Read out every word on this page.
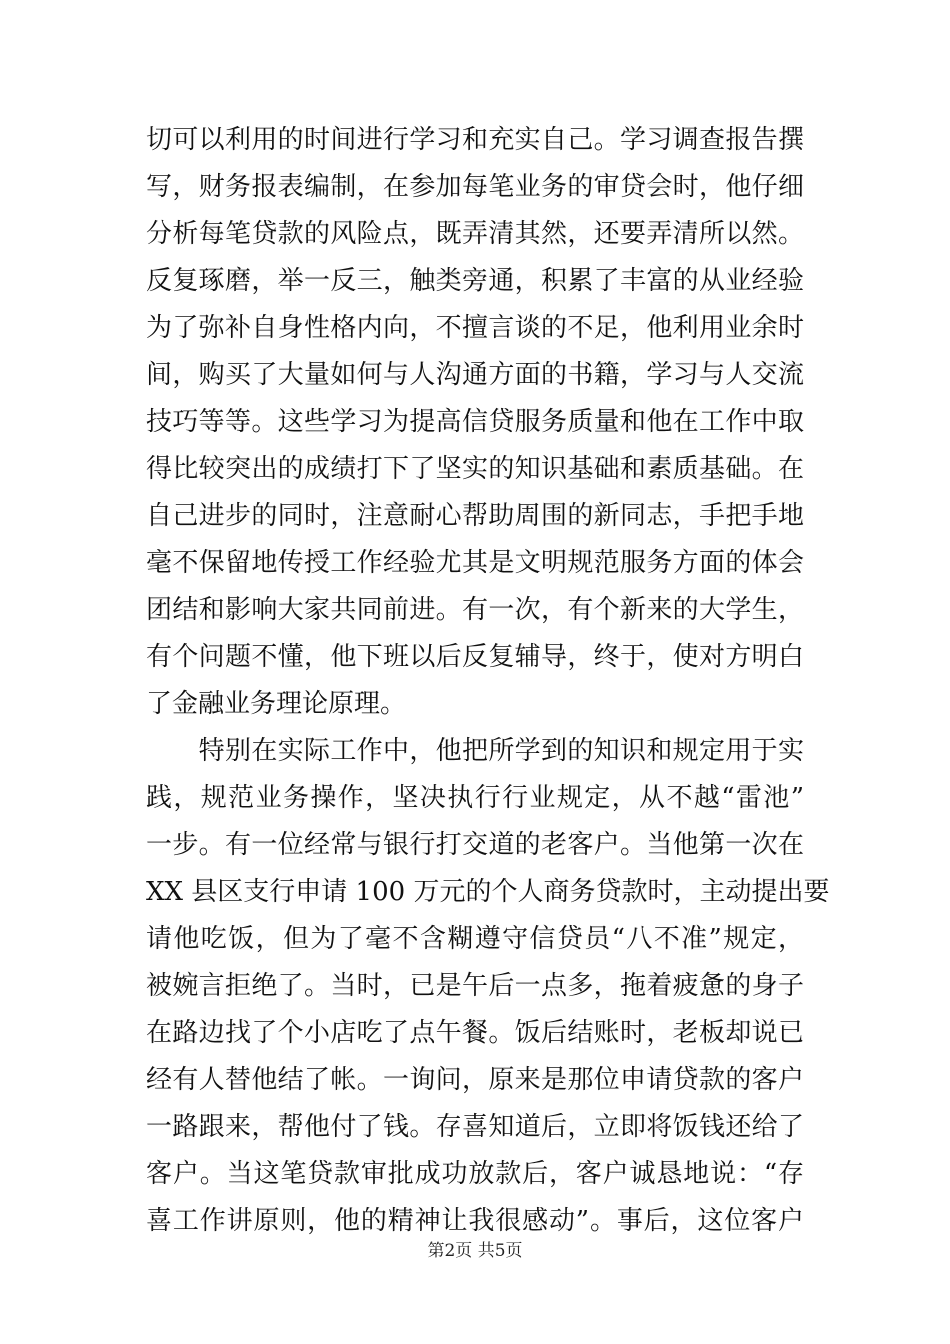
切可以利用的时间进行学习和充实自己。学习调查报告撰
写，财务报表编制，在参加每笔业务的审贷会时，他仔细
分析每笔贷款的风险点，既弄清其然，还要弄清所以然。
反复琢磨，举一反三，触类旁通，积累了丰富的从业经验
为了弥补自身性格内向，不擅言谈的不足，他利用业余时
间，购买了大量如何与人沟通方面的书籍，学习与人交流
技巧等等。这些学习为提高信贷服务质量和他在工作中取
得比较突出的成绩打下了坚实的知识基础和素质基础。在
自己进步的同时，注意耐心帮助周围的新同志，手把手地
毫不保留地传授工作经验尤其是文明规范服务方面的体会
团结和影响大家共同前进。有一次，有个新来的大学生，
有个问题不懂，他下班以后反复辅导，终于，使对方明白
了金融业务理论原理。
　　特别在实际工作中，他把所学到的知识和规定用于实
践，规范业务操作，坚决执行行业规定，从不越“雷池”
一步。有一位经常与银行打交道的老客户。当他第一次在
XX 县区支行申请 100 万元的个人商务贷款时，主动提出要
请他吃饭，但为了毫不含糊遵守信贷员“八不准”规定，
被婉言拒绝了。当时，已是午后一点多，拖着疲惫的身子
在路边找了个小店吃了点午餐。饭后结账时，老板却说已
经有人替他结了帐。一询问，原来是那位申请贷款的客户
一路跟来，帮他付了钱。存喜知道后，立即将饭钱还给了
客户。当这笔贷款审批成功放款后，客户诚恳地说：“存
喜工作讲原则，他的精神让我很感动”。事后，这位客户
第2页 共5页
